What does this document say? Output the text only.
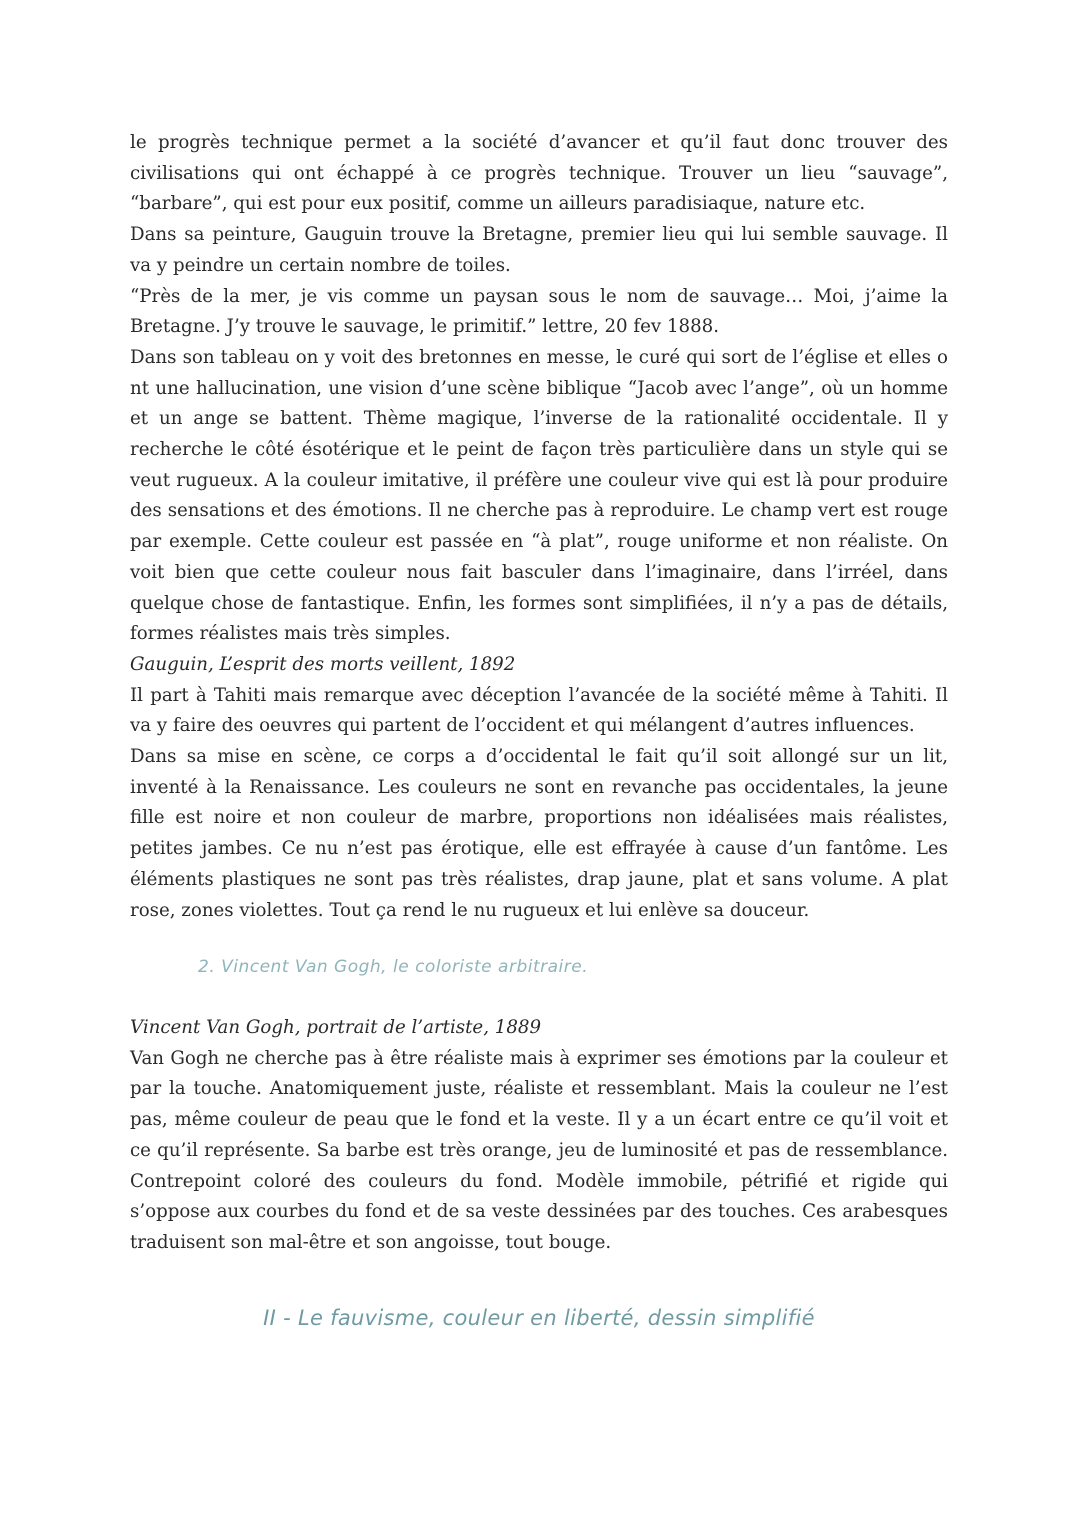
le progrès technique permet a la société d’avancer et qu’il faut donc trouver des civilisations qui ont échappé à ce progrès technique. Trouver un lieu “sauvage”, “barbare”, qui est pour eux positif, comme un ailleurs paradisiaque, nature etc.

Dans sa peinture, Gauguin trouve la Bretagne, premier lieu qui lui semble sauvage. Il va y peindre un certain nombre de toiles.

“Près de la mer, je vis comme un paysan sous le nom de sauvage… Moi, j’aime la Bretagne. J’y trouve le sauvage, le primitif.” lettre, 20 fev 1888.

Dans son tableau on y voit des bretonnes en messe, le curé qui sort de l’église et elles o nt une hallucination, une vision d’une scène biblique “Jacob avec l’ange”, où un homme et un ange se battent. Thème magique, l’inverse de la rationalité occidentale. Il y recherche le côté ésotérique et le peint de façon très particulière dans un style qui se veut rugueux. A la couleur imitative, il préfère une couleur vive qui est là pour produire des sensations et des émotions. Il ne cherche pas à reproduire. Le champ vert est rouge par exemple. Cette couleur est passée en “à plat”, rouge uniforme et non réaliste. On voit bien que cette couleur nous fait basculer dans l’imaginaire, dans l’irréel, dans quelque chose de fantastique. Enfin, les formes sont simplifiées, il n’y a pas de détails, formes réalistes mais très simples.

Gauguin, L’esprit des morts veillent, 1892

Il part à Tahiti mais remarque avec déception l’avancée de la société même à Tahiti. Il va y faire des oeuvres qui partent de l’occident et qui mélangent d’autres influences.

Dans sa mise en scène, ce corps a d’occidental le fait qu’il soit allongé sur un lit, inventé à la Renaissance. Les couleurs ne sont en revanche pas occidentales, la jeune fille est noire et non couleur de marbre, proportions non idéalisées mais réalistes, petites jambes. Ce nu n’est pas érotique, elle est effrayée à cause d’un fantôme. Les éléments plastiques ne sont pas très réalistes, drap jaune, plat et sans volume. A plat rose, zones violettes. Tout ça rend le nu rugueux et lui enlève sa douceur.

2. Vincent Van Gogh, le coloriste arbitraire.

Vincent Van Gogh, portrait de l’artiste, 1889

Van Gogh ne cherche pas à être réaliste mais à exprimer ses émotions par la couleur et par la touche. Anatomiquement juste, réaliste et ressemblant. Mais la couleur ne l’est pas, même couleur de peau que le fond et la veste. Il y a un écart entre ce qu’il voit et ce qu’il représente. Sa barbe est très orange, jeu de luminosité et pas de ressemblance. Contrepoint coloré des couleurs du fond. Modèle immobile, pétrifié et rigide qui s’oppose aux courbes du fond et de sa veste dessinées par des touches. Ces arabesques traduisent son mal-être et son angoisse, tout bouge.

II - Le fauvisme, couleur en liberté, dessin simplifié
